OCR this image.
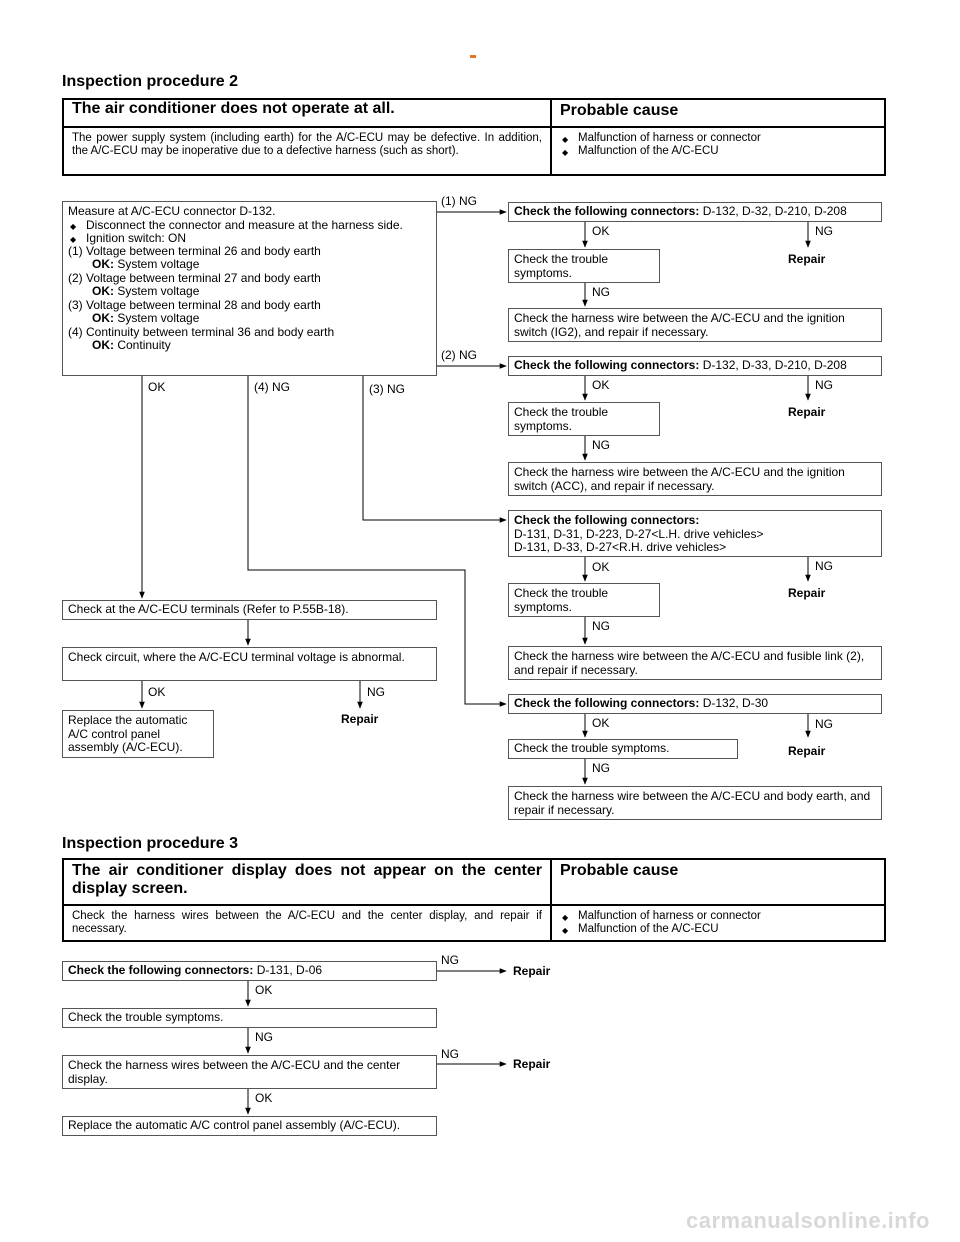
Inspection procedure 2
The air conditioner does not operate at all.	Probable cause
The power supply system (including earth) for the A/C-ECU may be defective. In addition, the A/C-ECU may be inoperative due to a defective harness (such as short).	◆ Malfunction of harness or connector
◆ Malfunction of the A/C-ECU
Measure at A/C-ECU connector D-132.
◆ Disconnect the connector and measure at the harness side.
◆ Ignition switch: ON
(1) Voltage between terminal 26 and body earth
OK: System voltage
(2) Voltage between terminal 27 and body earth
OK: System voltage
(3) Voltage between terminal 28 and body earth
OK: System voltage
(4) Continuity between terminal 36 and body earth
OK: Continuity
(1) NG
(2) NG
(3) NG
(4) NG
OK
Check the following connectors: D-132, D-32, D-210, D-208
OK	NG
Repair
Check the trouble symptoms.
NG
Check the harness wire between the A/C-ECU and the ignition switch (IG2), and repair if necessary.
Check the following connectors: D-132, D-33, D-210, D-208
OK	NG
Repair
Check the trouble symptoms.
NG
Check the harness wire between the A/C-ECU and the ignition switch (ACC), and repair if necessary.
Check the following connectors:
D-131, D-31, D-223, D-27<L.H. drive vehicles>
D-131, D-33, D-27<R.H. drive vehicles>
OK	NG
Repair
Check the trouble symptoms.
NG
Check the harness wire between the A/C-ECU and fusible link (2), and repair if necessary.
Check the following connectors: D-132, D-30
OK	NG
Repair
Check the trouble symptoms.
NG
Check the harness wire between the A/C-ECU and body earth, and repair if necessary.
Check at the A/C-ECU terminals (Refer to P.55B-18).
Check circuit, where the A/C-ECU terminal voltage is abnormal.
OK	NG
Repair
Replace the automatic A/C control panel assembly (A/C-ECU).
Inspection procedure 3
The air conditioner display does not appear on the center display screen.	Probable cause
Check the harness wires between the A/C-ECU and the center display, and repair if necessary.	◆ Malfunction of harness or connector
◆ Malfunction of the A/C-ECU
Check the following connectors: D-131, D-06
NG
Repair
OK
Check the trouble symptoms.
NG
Check the harness wires between the A/C-ECU and the center display.
NG
Repair
OK
Replace the automatic A/C control panel assembly (A/C-ECU).
carmanualsonline.info
